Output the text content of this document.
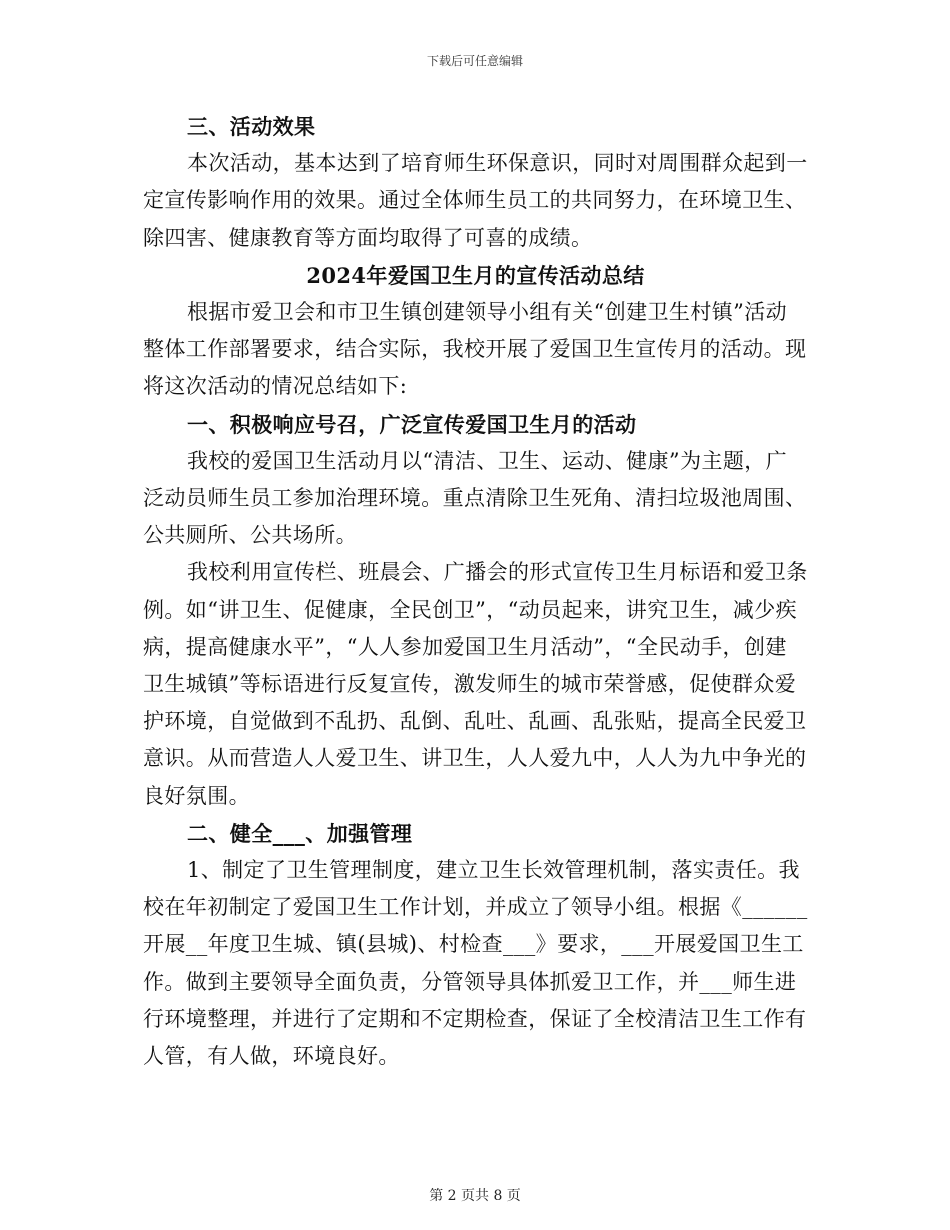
下载后可任意编辑

三、活动效果

本次活动，基本达到了培育师生环保意识，同时对周围群众起到一定宣传影响作用的效果。通过全体师生员工的共同努力，在环境卫生、除四害、健康教育等方面均取得了可喜的成绩。

2024年爱国卫生月的宣传活动总结

根据市爱卫会和市卫生镇创建领导小组有关“创建卫生村镇”活动整体工作部署要求，结合实际，我校开展了爱国卫生宣传月的活动。现将这次活动的情况总结如下:

一、积极响应号召，广泛宣传爱国卫生月的活动

我校的爱国卫生活动月以“清洁、卫生、运动、健康”为主题，广泛动员师生员工参加治理环境。重点清除卫生死角、清扫垃圾池周围、公共厕所、公共场所。

我校利用宣传栏、班晨会、广播会的形式宣传卫生月标语和爱卫条例。如“讲卫生、促健康，全民创卫”，“动员起来，讲究卫生，减少疾病，提高健康水平”，“人人参加爱国卫生月活动”，“全民动手，创建卫生城镇”等标语进行反复宣传，激发师生的城市荣誉感，促使群众爱护环境，自觉做到不乱扔、乱倒、乱吐、乱画、乱张贴，提高全民爱卫意识。从而营造人人爱卫生、讲卫生，人人爱九中，人人为九中争光的良好氛围。

二、健全___、加强管理

1、制定了卫生管理制度，建立卫生长效管理机制，落实责任。我校在年初制定了爱国卫生工作计划，并成立了领导小组。根据《______开展__年度卫生城、镇(县城)、村检查___》要求，___开展爱国卫生工作。做到主要领导全面负责，分管领导具体抓爱卫工作，并___师生进行环境整理，并进行了定期和不定期检查，保证了全校清洁卫生工作有人管，有人做，环境良好。

第 2 页共 8 页
